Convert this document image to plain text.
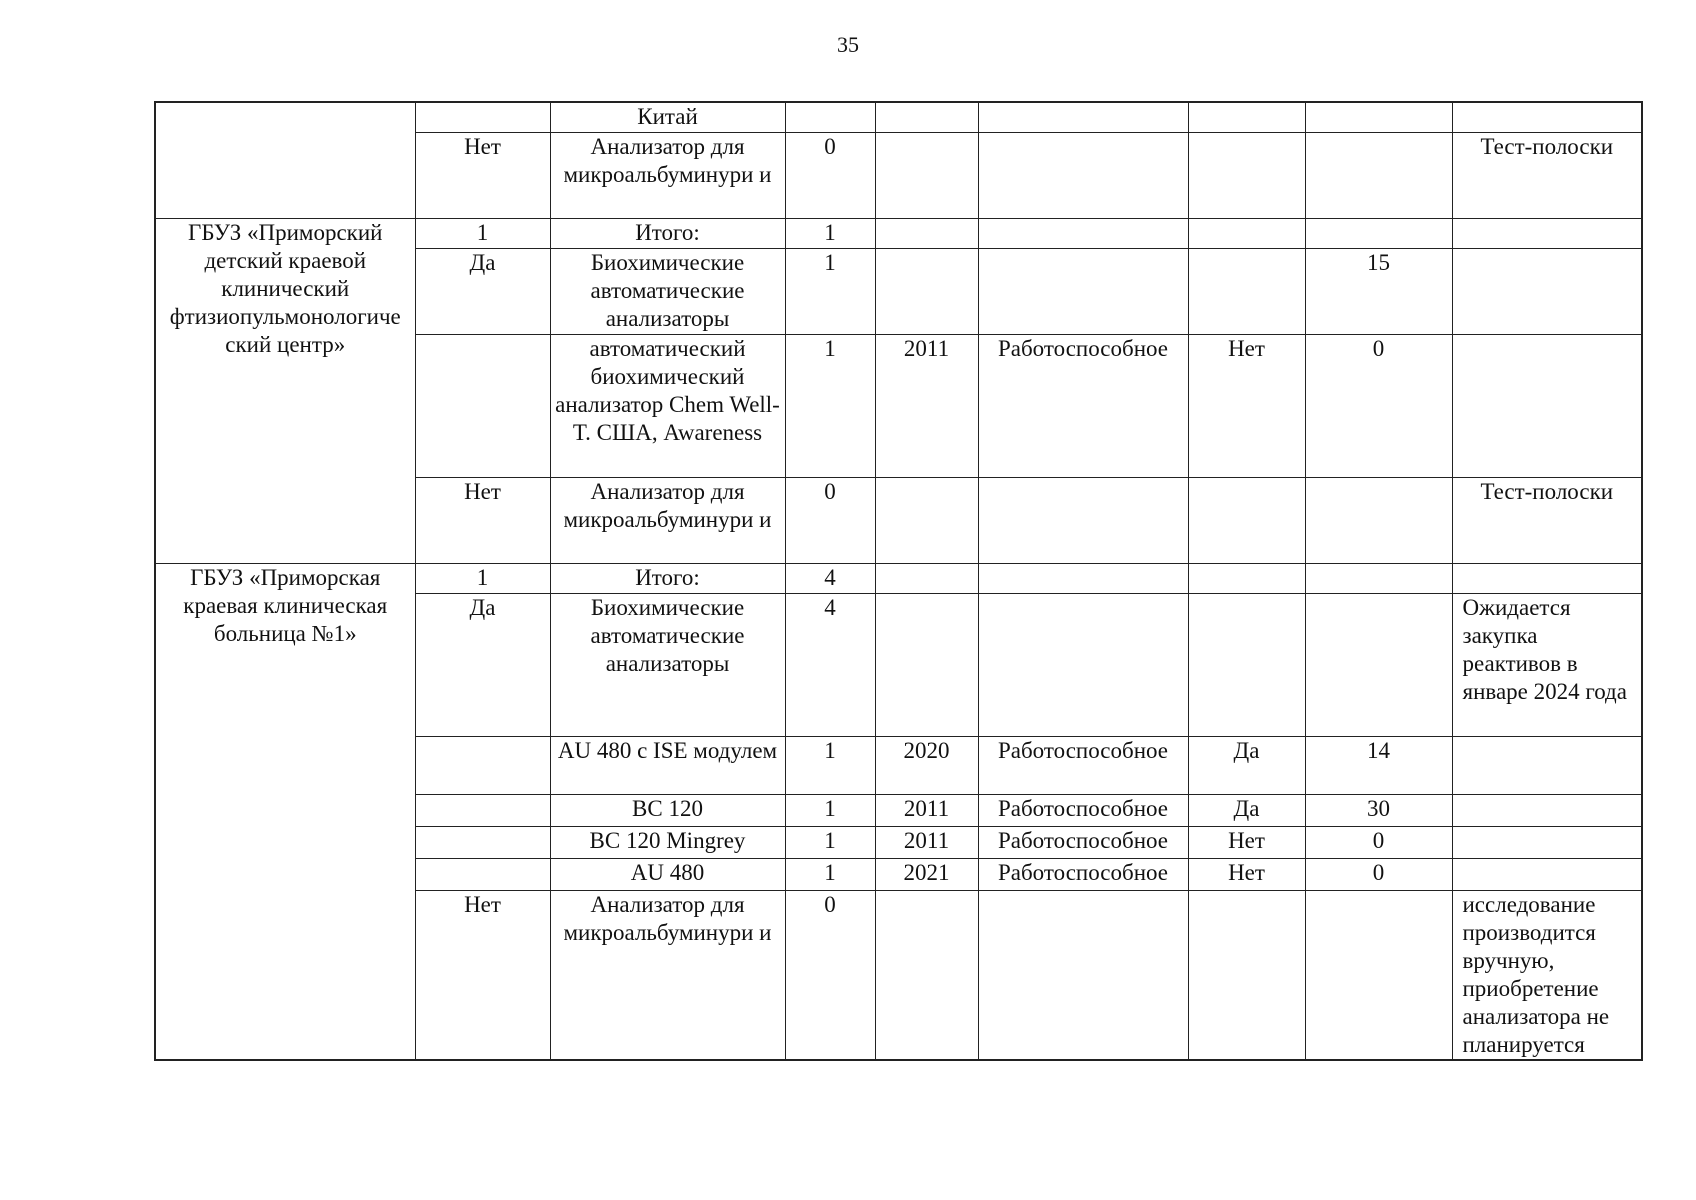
35
		Китай						
	Нет	Анализатор для микроальбуминури и	0					Тест-полоски
ГБУЗ «Приморский детский краевой клинический фтизиопульмонологиче ский центр»	1	Итого:	1					
	Да	Биохимические автоматические анализаторы	1				15	
		автоматический биохимический анализатор Chem Well-T. США, Awareness	1	2011	Работоспособное	Нет	0	
	Нет	Анализатор для микроальбуминури и	0					Тест-полоски
ГБУЗ «Приморская краевая клиническая больница №1»	1	Итого:	4					
	Да	Биохимические автоматические анализаторы	4					Ожидается закупка реактивов в январе 2024 года
		AU 480 с ISE модулем	1	2020	Работоспособное	Да	14	
		ВС 120	1	2011	Работоспособное	Да	30	
		ВС 120 Mingrey	1	2011	Работоспособное	Нет	0	
		AU 480	1	2021	Работоспособное	Нет	0	
	Нет	Анализатор для микроальбуминури и	0					исследование производится вручную, приобретение анализатора не планируется
